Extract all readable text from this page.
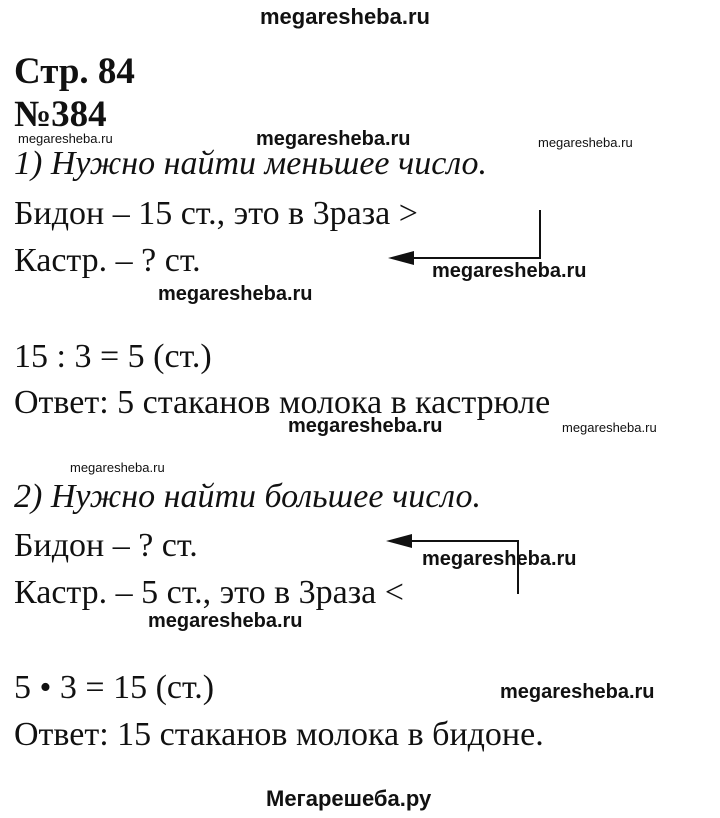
megaresheba.ru
megaresheba.ru	megaresheba.ru	megaresheba.ru
megaresheba.ru
megaresheba.ru
megaresheba.ru	megaresheba.ru
megaresheba.ru
megaresheba.ru
megaresheba.ru
megaresheba.ru
Стр. 84
№384
1) Нужно найти меньшее число.
Бидон – 15 ст., это в 3раза >
Кастр. – ? ст.
15 : 3 = 5 (ст.)
Ответ: 5 стаканов молока в кастрюле
2) Нужно найти большее число.
Бидон – ? ст.
Кастр. – 5 ст., это в 3раза <
5 • 3 = 15 (ст.)
Ответ: 15 стаканов молока в бидоне.
Мегарешеба.ру
